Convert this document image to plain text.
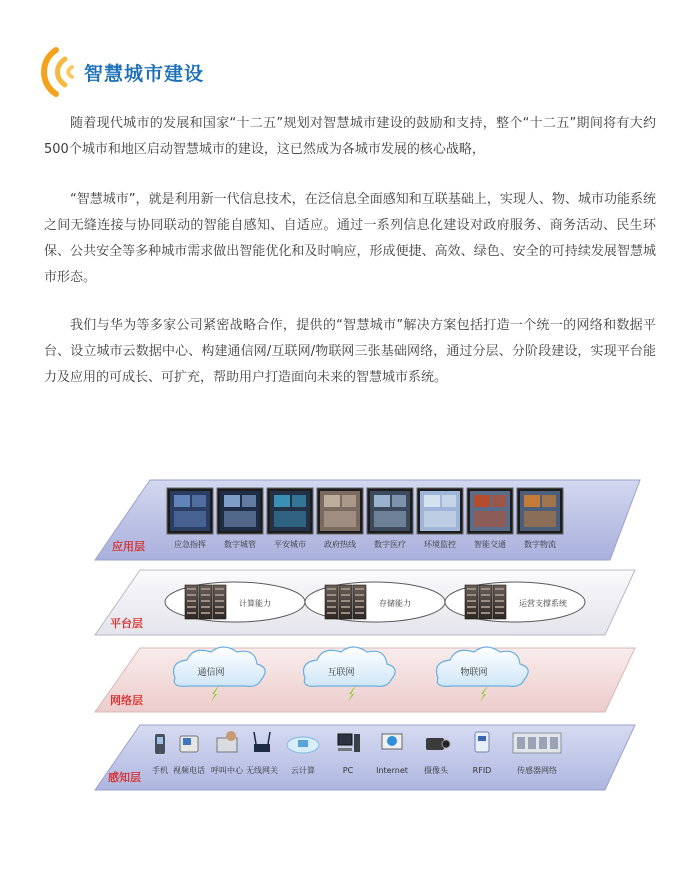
智慧城市建设

随着现代城市的发展和国家“十二五”规划对智慧城市建设的鼓励和支持，整个“十二五”期间将有大约500个城市和地区启动智慧城市的建设，这已然成为各城市发展的核心战略，

“智慧城市”，就是利用新一代信息技术，在泛信息全面感知和互联基础上，实现人、物、城市功能系统之间无缝连接与协同联动的智能自感知、自适应。通过一系列信息化建设对政府服务、商务活动、民生环保、公共安全等多种城市需求做出智能优化和及时响应，形成便捷、高效、绿色、安全的可持续发展智慧城市形态。

我们与华为等多家公司紧密战略合作，提供的“智慧城市”解决方案包括打造一个统一的网络和数据平台、设立城市云数据中心、构建通信网/互联网/物联网三张基础网络，通过分层、分阶段建设，实现平台能力及应用的可成长、可扩充，帮助用户打造面向未来的智慧城市系统。

应用层	应急指挥 数字城管 平安城市 政府热线 数字医疗 环境监控 智能交通 数字物流
计算能力	存储能力	运营支撑系统
平台层
通信网	互联网	物联网
网络层
感知层
手机 视频电话 呼叫中心 无线网关 云计算	PC	Internet 摄像头	RFID	传感器网络
